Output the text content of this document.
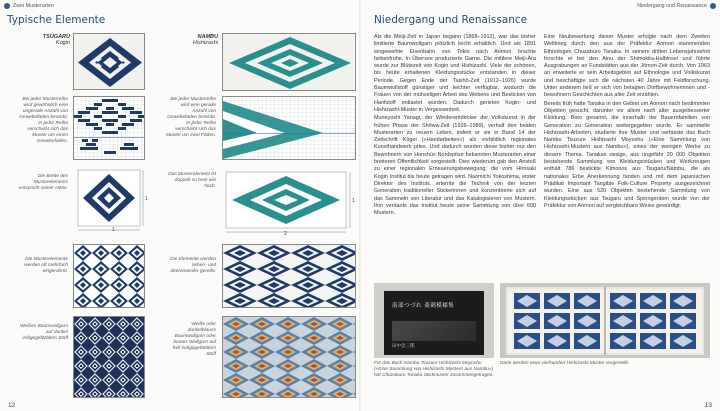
Zwei Musterarten
Typische Elemente
TSUGARU
Kogin
NAMBU
Hishizashi
Bei jeder Musterreihe wird gewöhnlich eine ungerade Anzahl von Gewebefäden bestickt. In jeder Reihe verschiebt sich das Muster um einen Gewebefaden.
Die Breite des Musterelements entspricht seiner Höhe.
1
1
Die Musterelemente werden oft mehrfach eingerahmt.
Weißes Baumwollgarn auf dunkel indigogefärbtem Stoff
Bei jeder Musterreihe wird eine gerade Anzahl von Gewebefäden bestickt. In jeder Reihe verschiebt sich das Muster um zwei Fäden.
Das Musterelement ist doppelt so breit wie hoch.
2
1
Die Elemente werden neben- und übereinander gereiht.
Weiße oder dunkelblaues Baumwollgarn oder buntes Wollgarn auf hell indigogefärbtem Stoff
12
Niedergang und Renaissance
Niedergang und Renaissance

Als die Meiji-Zeit in Japan begann (1868–1912), war das bisher limitierte Baumwollgarn plötzlich leicht erhältlich. Und als 1891 eingeweihte Eisenbahn von Tokio nach Aomori brachte farbenfrohe, in Übersee produzierte Garne. Die mittlere Meiji-Ära wurde zur Blütezeit von Kogin und Hishizashi. Viele der schönen, bis heute erhaltenen Kleidungsstücke entstanden in dieser Periode. Gegen Ende der Taishō-Zeit (1912–1926) wurde Baumwollstoff günstiger und leichter verfügbar, wodurch die Frauen von der mühseligen Arbeit des Webens und Besticken von Hanfstoff entlastet wurden. Dadurch gerieten Kogin- und Hishizashi-Muster in Vergessenheit.

Muneyoshi Yanagi, der Wiederentdecker der Volkskunst in der frühen Phase der Shōwa-Zeit (1926–1989), verhalf den beiden Musterarten zu neuem Leben, indem er sie in Band 14 der Zeitschrift Kōgei (»Handarbeiten«) als vorbildlich regionales Kunsthandwerk pries. Und dadurch wurden diese bisher nur den Bewohnern von Honshūs Nordspitze bekannten Musterarten einer breiteren Öffentlichkeit vorgestellt. Dies wiederum gab den Anstoß zu einer regionalen Erneuerungsbewegung; die vom Hirosaki Kogin Institut bis heute getragen wird. Naomichi Yokoshima, erster Direktor des Instituts, erlernte die Technik von der letzten Generation traditioneller Stickerinnen und konzentrierte sich auf das Sammeln von Literatur und das Katalogisieren von Mustern. Ihm verdankt das Institut heute seine Sammlung von über 600 Mustern.

Eine Neubewertung dieser Muster erfolgte nach dem Zweiten Weltkrieg durch den aus der Präfektur Aomori stammenden Ethnologen Chuzaburo Tanaka. In seinem dritten Lebensjahrzehnt forschte er bei den Ainu der Shimokita-Halbinsel und führte Ausgrabungen an Fundstätten aus der Jōmon-Zeit durch. Von 1963 an erweiterte er sein Arbeitsgebiet auf Ethnologie und Volkskunst und beschäftigte sich die nächsten 40 Jahre mit Feldforschung. Unter anderem ließ er sich von betagten Dorfbewohnerinnen und -bewohnern Geschichten aus alter Zeit erzählen.

Bereits früh hatte Tanaka in den Gebiet um Aomori nach bestimmten Objekten gesucht, darunter vor allem nach alter ausgebesserter Kleidung, Boro genannt, die innerhalb der Bauernfamilien von Generation zu Generation weitergegeben wurde. Er sammelte Hishizashi-Arbeiten, studierte ihre Muster und verfasste das Buch Nambu Tsuzure Hishizashi Moyoshu (»Eine Sammlung von Hishizashi-Mustern aus Nambu«), eines der wenigen Werke zu diesem Thema. Tanakas riesige, aus ungefähr 20 000 Objekten bestehende Sammlung von Kleidungsstücken und Werkzeugen enthält 786 bestickte Kimonos aus Tsugaru/Nambu, die als nationales Erbe Anerkennung fanden und mit dem japanischen Prädikat Important Tangible Folk-Culture Property ausgezeichnet wurden. Eine aus 520 Objekten bestehende Sammlung von Kleidungsstücken aus Tsugaru und Spinngeräten wurde von der Präfektur von Aomori auf vergleichbare Weise gewürdigt.

南部つづれ 菱刺模様集
田中忠三郎
Für das Buch Nambu Tsuzure Hishizashi Moyoshu (»Eine Sammlung von Hishizashi Mustern aus Nambu«) hat Chuzaburo Tanaka Stickmuster zusammengetragen.
Darin werden etwa vierhundert Hishizashi Muster vorgestellt.
13
